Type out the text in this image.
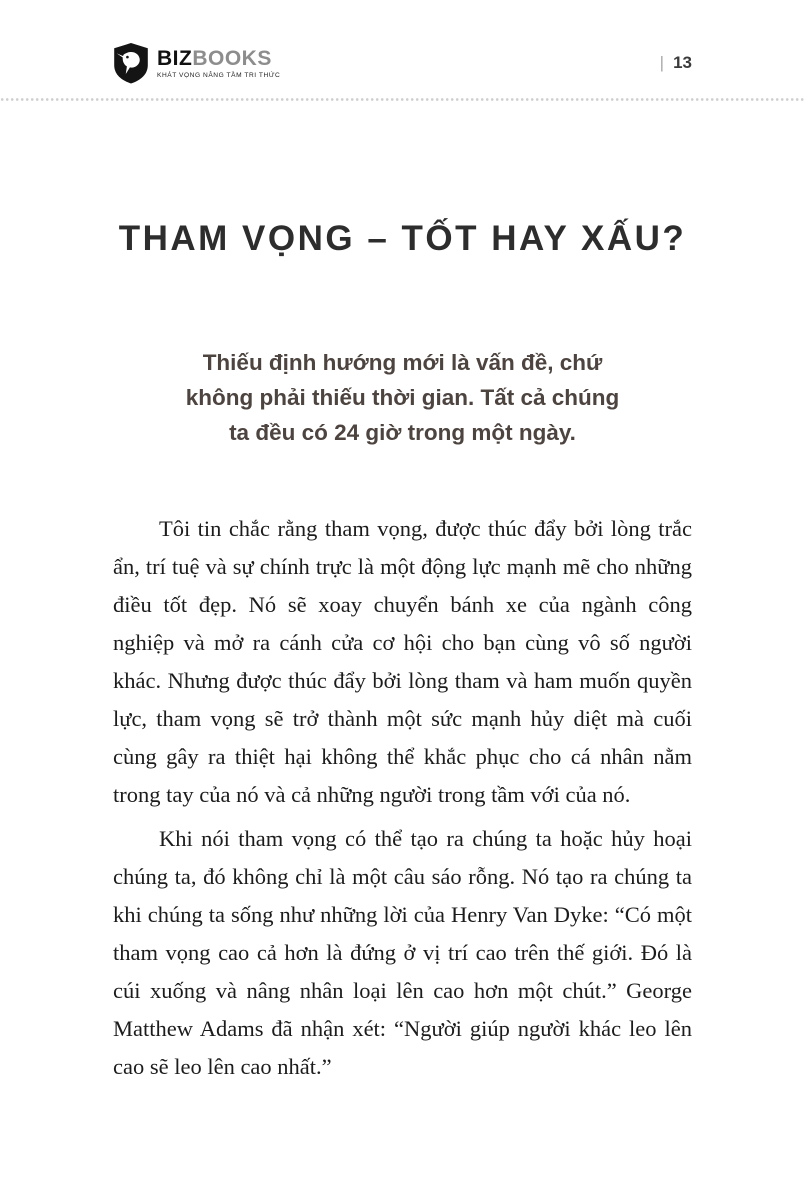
BIZBOOKS
KHÁT VỌNG NÂNG TẦM TRI THỨC
| 13
THAM VỌNG – TỐT HAY XẤU?
Thiếu định hướng mới là vấn đề, chứ
không phải thiếu thời gian. Tất cả chúng
ta đều có 24 giờ trong một ngày.

Tôi tin chắc rằng tham vọng, được thúc đẩy bởi lòng trắc ẩn, trí tuệ và sự chính trực là một động lực mạnh mẽ cho những điều tốt đẹp. Nó sẽ xoay chuyển bánh xe của ngành công nghiệp và mở ra cánh cửa cơ hội cho bạn cùng vô số người khác. Nhưng được thúc đẩy bởi lòng tham và ham muốn quyền lực, tham vọng sẽ trở thành một sức mạnh hủy diệt mà cuối cùng gây ra thiệt hại không thể khắc phục cho cá nhân nằm trong tay của nó và cả những người trong tầm với của nó.

Khi nói tham vọng có thể tạo ra chúng ta hoặc hủy hoại chúng ta, đó không chỉ là một câu sáo rỗng. Nó tạo ra chúng ta khi chúng ta sống như những lời của Henry Van Dyke: “Có một tham vọng cao cả hơn là đứng ở vị trí cao trên thế giới. Đó là cúi xuống và nâng nhân loại lên cao hơn một chút.” George Matthew Adams đã nhận xét: “Người giúp người khác leo lên cao sẽ leo lên cao nhất.”
